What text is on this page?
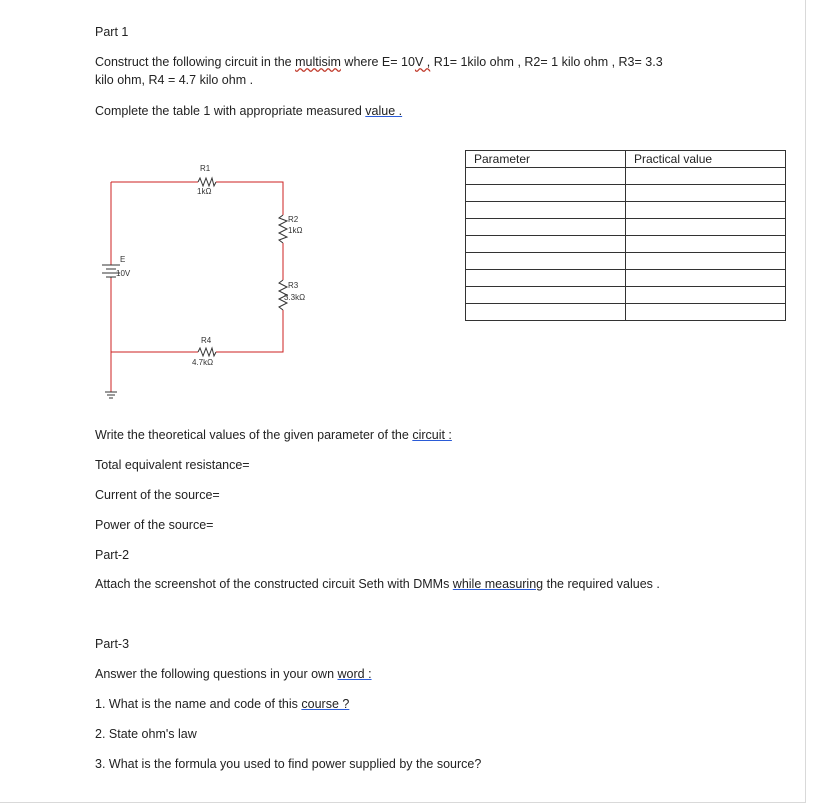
Part 1
Construct the following circuit in the multisim where E= 10V , R1= 1kilo ohm , R2= 1 kilo ohm , R3= 3.3
kilo ohm, R4 = 4.7 kilo ohm .
Complete the table 1 with appropriate measured value .
Parameter	Practical value

R1
1kΩ
R2
1kΩ
R3
3.3kΩ
R4
4.7kΩ
E
10V
Write the theoretical values of the given parameter of the circuit :
Total equivalent resistance=
Current of the source=
Power of the source=
Part-2
Attach the screenshot of the constructed circuit Seth with DMMs while measuring the required values .
Part-3
Answer the following questions in your own word :
1. What is the name and code of this course ?
2. State ohm's law
3. What is the formula you used to find power supplied by the source?
